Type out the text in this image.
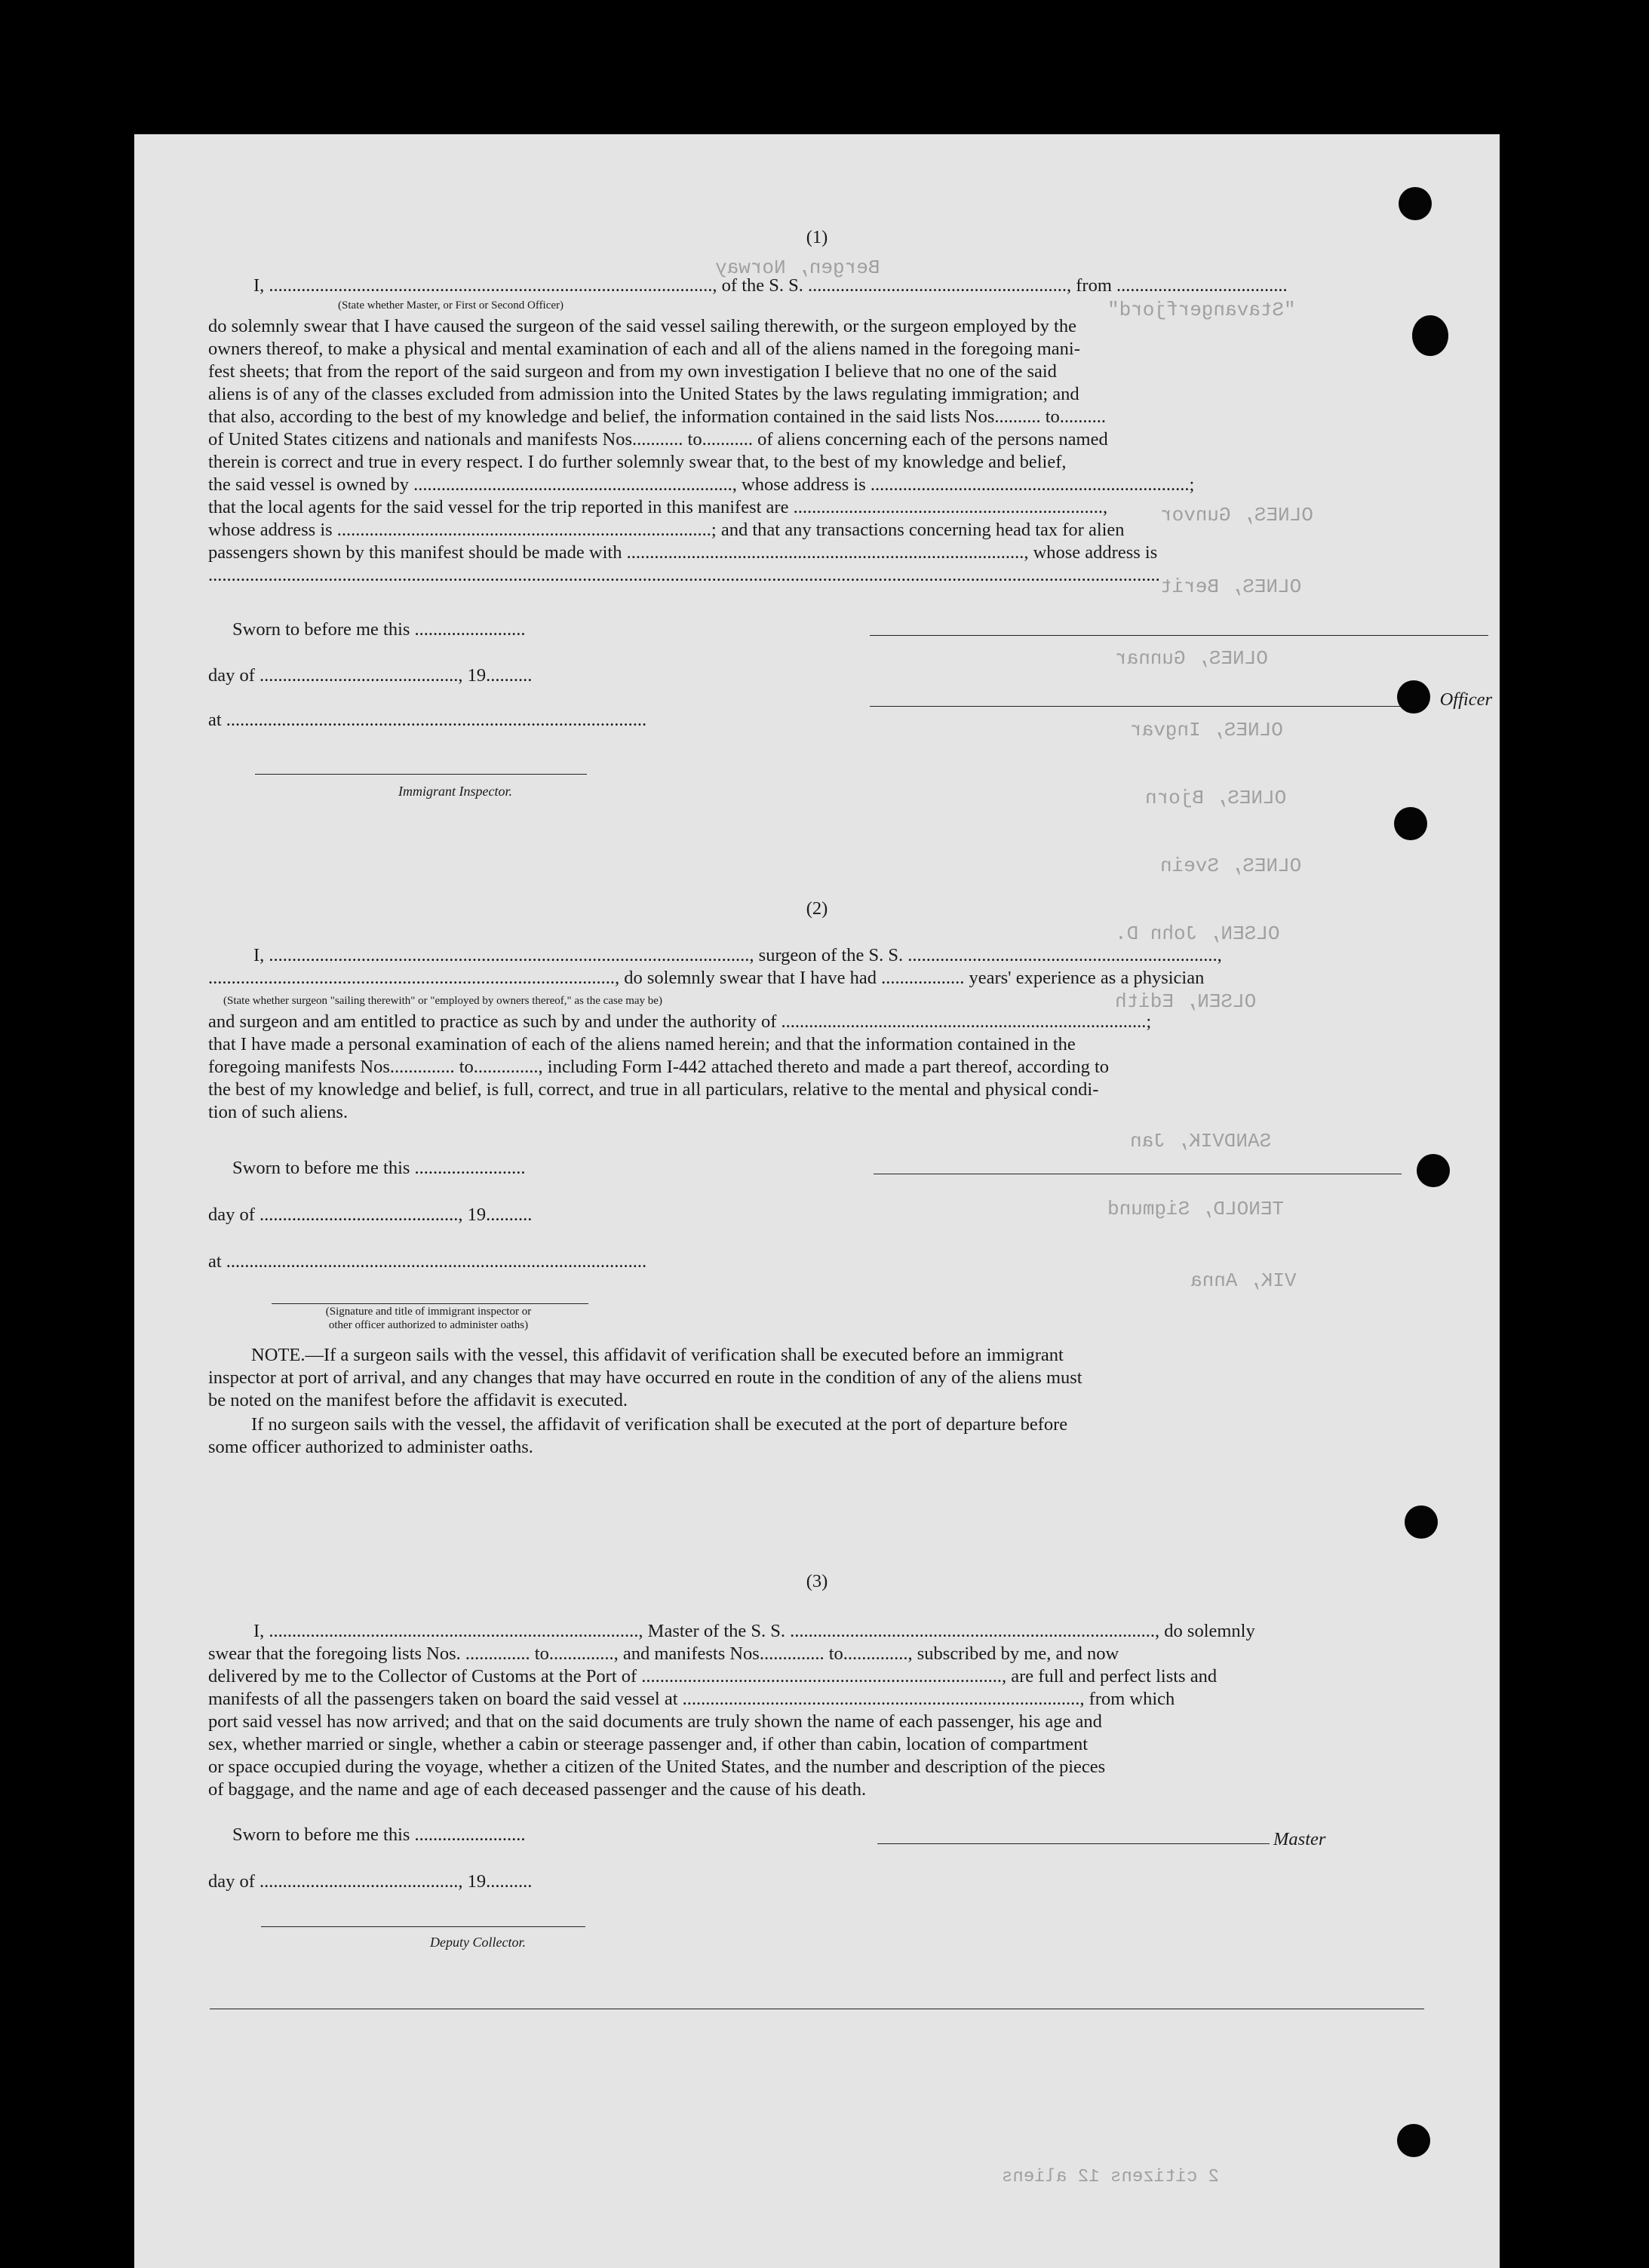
Bergen, Norway
"Stavangerfjord"
OLNES, Gunvor
OLNES, Berit
OLNES, Gunnar
OLNES, Ingvar
OLNES, Bjorn
OLNES, Svein
OLSEN, John D.
OLSEN, Edith
SANDVIK, Jan
TENOLD, Sigmund
VIK, Anna
2 citizens 12 aliens
(1)
I, ................................................................................................, of the S. S. ........................................................, from .....................................
(State whether Master, or First or Second Officer)
do solemnly swear that I have caused the surgeon of the said vessel sailing therewith, or the surgeon employed by the
owners thereof, to make a physical and mental examination of each and all of the aliens named in the foregoing mani-
fest sheets; that from the report of the said surgeon and from my own investigation I believe that no one of the said
aliens is of any of the classes excluded from admission into the United States by the laws regulating immigration; and
that also, according to the best of my knowledge and belief, the information contained in the said lists Nos.......... to..........
of United States citizens and nationals and manifests Nos........... to........... of aliens concerning each of the persons named
therein is correct and true in every respect. I do further solemnly swear that, to the best of my knowledge and belief,
the said vessel is owned by ....................................................................., whose address is .....................................................................;
that the local agents for the said vessel for the trip reported in this manifest are ...................................................................,
whose address is .................................................................................; and that any transactions concerning head tax for alien
passengers shown by this manifest should be made with ......................................................................................, whose address is
..............................................................................................................................................................................................................
Sworn to before me this ........................
day of ..........................................., 19..........
Officer
at ...........................................................................................
Immigrant Inspector.
(2)
I, ........................................................................................................, surgeon of the S. S. ...................................................................,
........................................................................................, do solemnly swear that I have had .................. years' experience as a physician
(State whether surgeon "sailing therewith" or "employed by owners thereof," as the case may be)
and surgeon and am entitled to practice as such by and under the authority of ...............................................................................;
that I have made a personal examination of each of the aliens named herein; and that the information contained in the
foregoing manifests Nos.............. to.............., including Form I-442 attached thereto and made a part thereof, according to
the best of my knowledge and belief, is full, correct, and true in all particulars, relative to the mental and physical condi-
tion of such aliens.
Sworn to before me this ........................
day of ..........................................., 19..........
at ...........................................................................................
(Signature and title of immigrant inspector or
other officer authorized to administer oaths)
NOTE.—If a surgeon sails with the vessel, this affidavit of verification shall be executed before an immigrant
inspector at port of arrival, and any changes that may have occurred en route in the condition of any of the aliens must
be noted on the manifest before the affidavit is executed.
If no surgeon sails with the vessel, the affidavit of verification shall be executed at the port of departure before
some officer authorized to administer oaths.
(3)
I, ................................................................................, Master of the S. S. ..............................................................................., do solemnly
swear that the foregoing lists Nos. .............. to.............., and manifests Nos.............. to.............., subscribed by me, and now
delivered by me to the Collector of Customs at the Port of .............................................................................., are full and perfect lists and
manifests of all the passengers taken on board the said vessel at ......................................................................................, from which
port said vessel has now arrived; and that on the said documents are truly shown the name of each passenger, his age and
sex, whether married or single, whether a cabin or steerage passenger and, if other than cabin, location of compartment
or space occupied during the voyage, whether a citizen of the United States, and the number and description of the pieces
of baggage, and the name and age of each deceased passenger and the cause of his death.
Sworn to before me this ........................	Master
day of ..........................................., 19..........
Deputy Collector.
